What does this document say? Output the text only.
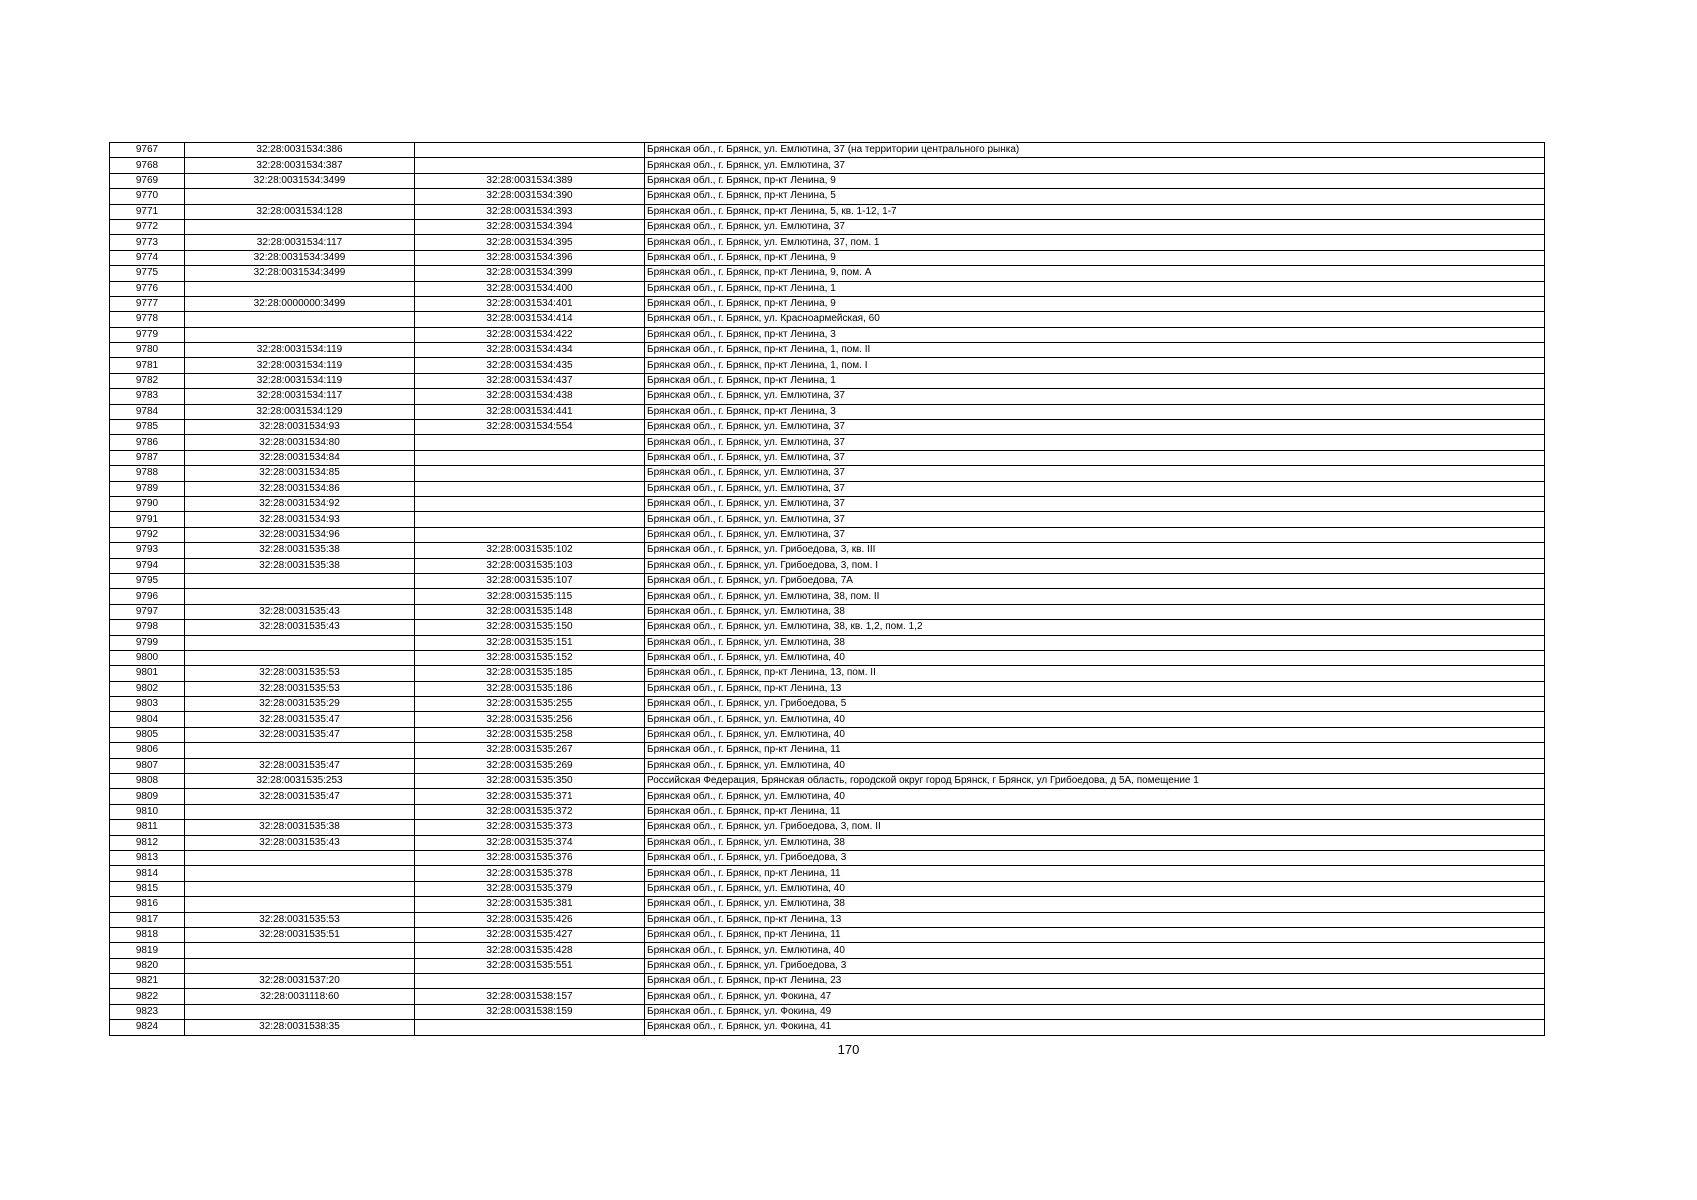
9767	32:28:0031534:386		Брянская обл., г. Брянск, ул. Емлютина, 37 (на территории центрального рынка)
9768	32:28:0031534:387		Брянская обл., г. Брянск, ул. Емлютина, 37
9769	32:28:0031534:3499	32:28:0031534:389	Брянская обл., г. Брянск, пр-кт Ленина, 9
9770		32:28:0031534:390	Брянская обл., г. Брянск, пр-кт Ленина, 5
9771	32:28:0031534:128	32:28:0031534:393	Брянская обл., г. Брянск, пр-кт Ленина, 5, кв. 1-12, 1-7
9772		32:28:0031534:394	Брянская обл., г. Брянск, ул. Емлютина, 37
9773	32:28:0031534:117	32:28:0031534:395	Брянская обл., г. Брянск, ул. Емлютина, 37, пом. 1
9774	32:28:0031534:3499	32:28:0031534:396	Брянская обл., г. Брянск, пр-кт Ленина, 9
9775	32:28:0031534:3499	32:28:0031534:399	Брянская обл., г. Брянск, пр-кт Ленина, 9, пом. А
9776		32:28:0031534:400	Брянская обл., г. Брянск, пр-кт Ленина, 1
9777	32:28:0000000:3499	32:28:0031534:401	Брянская обл., г. Брянск, пр-кт Ленина, 9
9778		32:28:0031534:414	Брянская обл., г. Брянск, ул. Красноармейская, 60
9779		32:28:0031534:422	Брянская обл., г. Брянск, пр-кт Ленина, 3
9780	32:28:0031534:119	32:28:0031534:434	Брянская обл., г. Брянск, пр-кт Ленина, 1, пом. II
9781	32:28:0031534:119	32:28:0031534:435	Брянская обл., г. Брянск, пр-кт Ленина, 1, пом. I
9782	32:28:0031534:119	32:28:0031534:437	Брянская обл., г. Брянск, пр-кт Ленина, 1
9783	32:28:0031534:117	32:28:0031534:438	Брянская обл., г. Брянск, ул. Емлютина, 37
9784	32:28:0031534:129	32:28:0031534:441	Брянская обл., г. Брянск, пр-кт Ленина, 3
9785	32:28:0031534:93	32:28:0031534:554	Брянская обл., г. Брянск, ул. Емлютина, 37
9786	32:28:0031534:80		Брянская обл., г. Брянск, ул. Емлютина, 37
9787	32:28:0031534:84		Брянская обл., г. Брянск, ул. Емлютина, 37
9788	32:28:0031534:85		Брянская обл., г. Брянск, ул. Емлютина, 37
9789	32:28:0031534:86		Брянская обл., г. Брянск, ул. Емлютина, 37
9790	32:28:0031534:92		Брянская обл., г. Брянск, ул. Емлютина, 37
9791	32:28:0031534:93		Брянская обл., г. Брянск, ул. Емлютина, 37
9792	32:28:0031534:96		Брянская обл., г. Брянск, ул. Емлютина, 37
9793	32:28:0031535:38	32:28:0031535:102	Брянская обл., г. Брянск, ул. Грибоедова, 3, кв. III
9794	32:28:0031535:38	32:28:0031535:103	Брянская обл., г. Брянск, ул. Грибоедова, 3, пом. I
9795		32:28:0031535:107	Брянская обл., г. Брянск, ул. Грибоедова, 7А
9796		32:28:0031535:115	Брянская обл., г. Брянск, ул. Емлютина, 38, пом. II
9797	32:28:0031535:43	32:28:0031535:148	Брянская обл., г. Брянск, ул. Емлютина, 38
9798	32:28:0031535:43	32:28:0031535:150	Брянская обл., г. Брянск, ул. Емлютина, 38, кв. 1,2, пом. 1,2
9799		32:28:0031535:151	Брянская обл., г. Брянск, ул. Емлютина, 38
9800		32:28:0031535:152	Брянская обл., г. Брянск, ул. Емлютина, 40
9801	32:28:0031535:53	32:28:0031535:185	Брянская обл., г. Брянск, пр-кт Ленина, 13, пом. II
9802	32:28:0031535:53	32:28:0031535:186	Брянская обл., г. Брянск, пр-кт Ленина, 13
9803	32:28:0031535:29	32:28:0031535:255	Брянская обл., г. Брянск, ул. Грибоедова, 5
9804	32:28:0031535:47	32:28:0031535:256	Брянская обл., г. Брянск, ул. Емлютина, 40
9805	32:28:0031535:47	32:28:0031535:258	Брянская обл., г. Брянск, ул. Емлютина, 40
9806		32:28:0031535:267	Брянская обл., г. Брянск, пр-кт Ленина, 11
9807	32:28:0031535:47	32:28:0031535:269	Брянская обл., г. Брянск, ул. Емлютина, 40
9808	32:28:0031535:253	32:28:0031535:350	Российская Федерация, Брянская область, городской округ город Брянск, г Брянск, ул Грибоедова, д 5А, помещение 1
9809	32:28:0031535:47	32:28:0031535:371	Брянская обл., г. Брянск, ул. Емлютина, 40
9810		32:28:0031535:372	Брянская обл., г. Брянск, пр-кт Ленина, 11
9811	32:28:0031535:38	32:28:0031535:373	Брянская обл., г. Брянск, ул. Грибоедова, 3, пом. II
9812	32:28:0031535:43	32:28:0031535:374	Брянская обл., г. Брянск, ул. Емлютина, 38
9813		32:28:0031535:376	Брянская обл., г. Брянск, ул. Грибоедова, 3
9814		32:28:0031535:378	Брянская обл., г. Брянск, пр-кт Ленина, 11
9815		32:28:0031535:379	Брянская обл., г. Брянск, ул. Емлютина, 40
9816		32:28:0031535:381	Брянская обл., г. Брянск, ул. Емлютина, 38
9817	32:28:0031535:53	32:28:0031535:426	Брянская обл., г. Брянск, пр-кт Ленина, 13
9818	32:28:0031535:51	32:28:0031535:427	Брянская обл., г. Брянск, пр-кт Ленина, 11
9819		32:28:0031535:428	Брянская обл., г. Брянск, ул. Емлютина, 40
9820		32:28:0031535:551	Брянская обл., г. Брянск, ул. Грибоедова, 3
9821	32:28:0031537:20		Брянская обл., г. Брянск, пр-кт Ленина, 23
9822	32:28:0031118:60	32:28:0031538:157	Брянская обл., г. Брянск, ул. Фокина, 47
9823		32:28:0031538:159	Брянская обл., г. Брянск, ул. Фокина, 49
9824	32:28:0031538:35		Брянская обл., г. Брянск, ул. Фокина, 41
170
